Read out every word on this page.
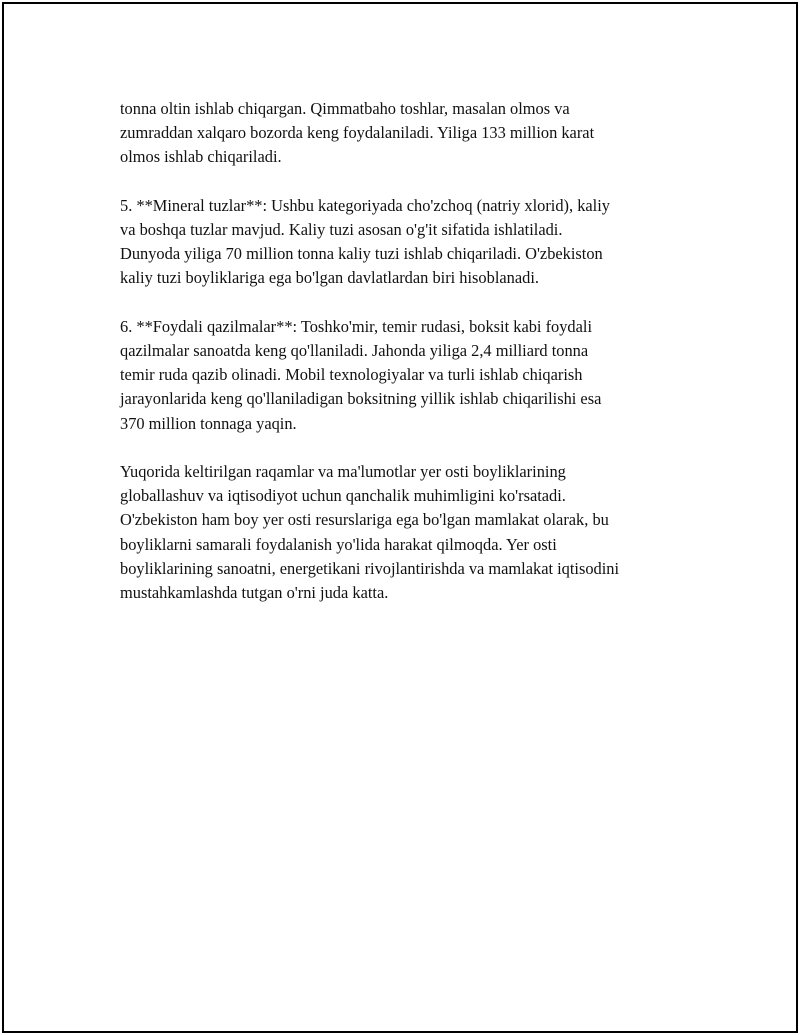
tonna oltin ishlab chiqargan. Qimmatbaho toshlar, masalan olmos va
zumraddan xalqaro bozorda keng foydalaniladi. Yiliga 133 million karat
olmos ishlab chiqariladi.

5. **Mineral tuzlar**: Ushbu kategoriyada cho'zchoq (natriy xlorid), kaliy
va boshqa tuzlar mavjud. Kaliy tuzi asosan o'g'it sifatida ishlatiladi.
Dunyoda yiliga 70 million tonna kaliy tuzi ishlab chiqariladi. O'zbekiston
kaliy tuzi boyliklariga ega bo'lgan davlatlardan biri hisoblanadi.

6. **Foydali qazilmalar**: Toshko'mir, temir rudasi, boksit kabi foydali
qazilmalar sanoatda keng qo'llaniladi. Jahonda yiliga 2,4 milliard tonna
temir ruda qazib olinadi. Mobil texnologiyalar va turli ishlab chiqarish
jarayonlarida keng qo'llaniladigan boksitning yillik ishlab chiqarilishi esa
370 million tonnaga yaqin.

Yuqorida keltirilgan raqamlar va ma'lumotlar yer osti boyliklarining
globallashuv va iqtisodiyot uchun qanchalik muhimligini ko'rsatadi.
O'zbekiston ham boy yer osti resurslariga ega bo'lgan mamlakat olarak, bu
boyliklarni samarali foydalanish yo'lida harakat qilmoqda. Yer osti
boyliklarining sanoatni, energetikani rivojlantirishda va mamlakat iqtisodini
mustahkamlashda tutgan o'rni juda katta.
